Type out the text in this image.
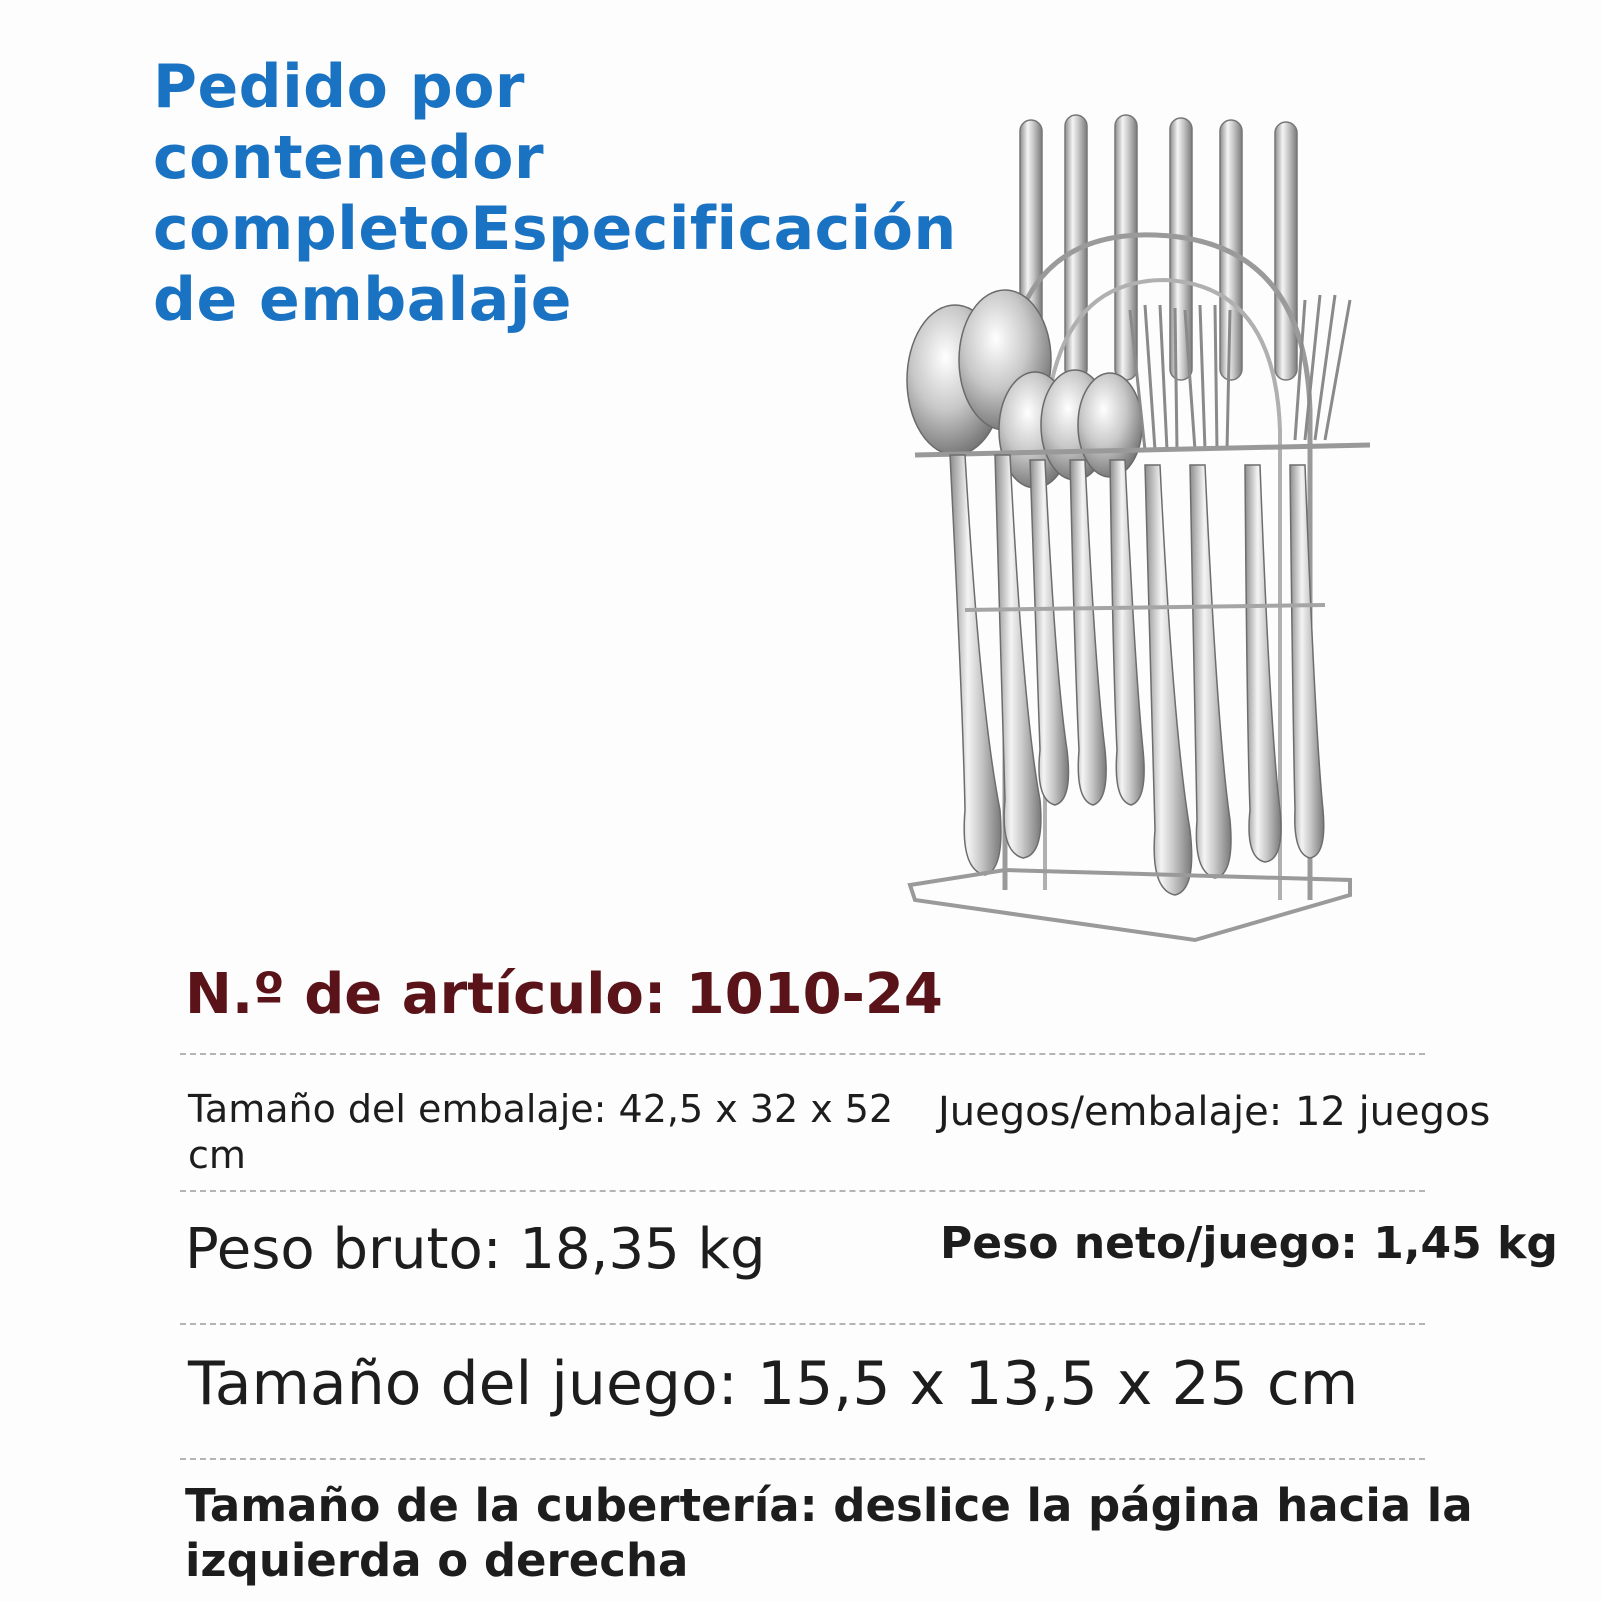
Pedido por contenedor completoEspecificación de embalaje
N.º de artículo: 1010-24
Tamaño del embalaje: 42,5 x 32 x 52 cm
Juegos/embalaje: 12 juegos
Peso bruto: 18,35 kg	Peso neto/juego: 1,45 kg
Tamaño del juego: 15,5 x 13,5 x 25 cm
Tamaño de la cubertería: deslice la página hacia la izquierda o derecha
